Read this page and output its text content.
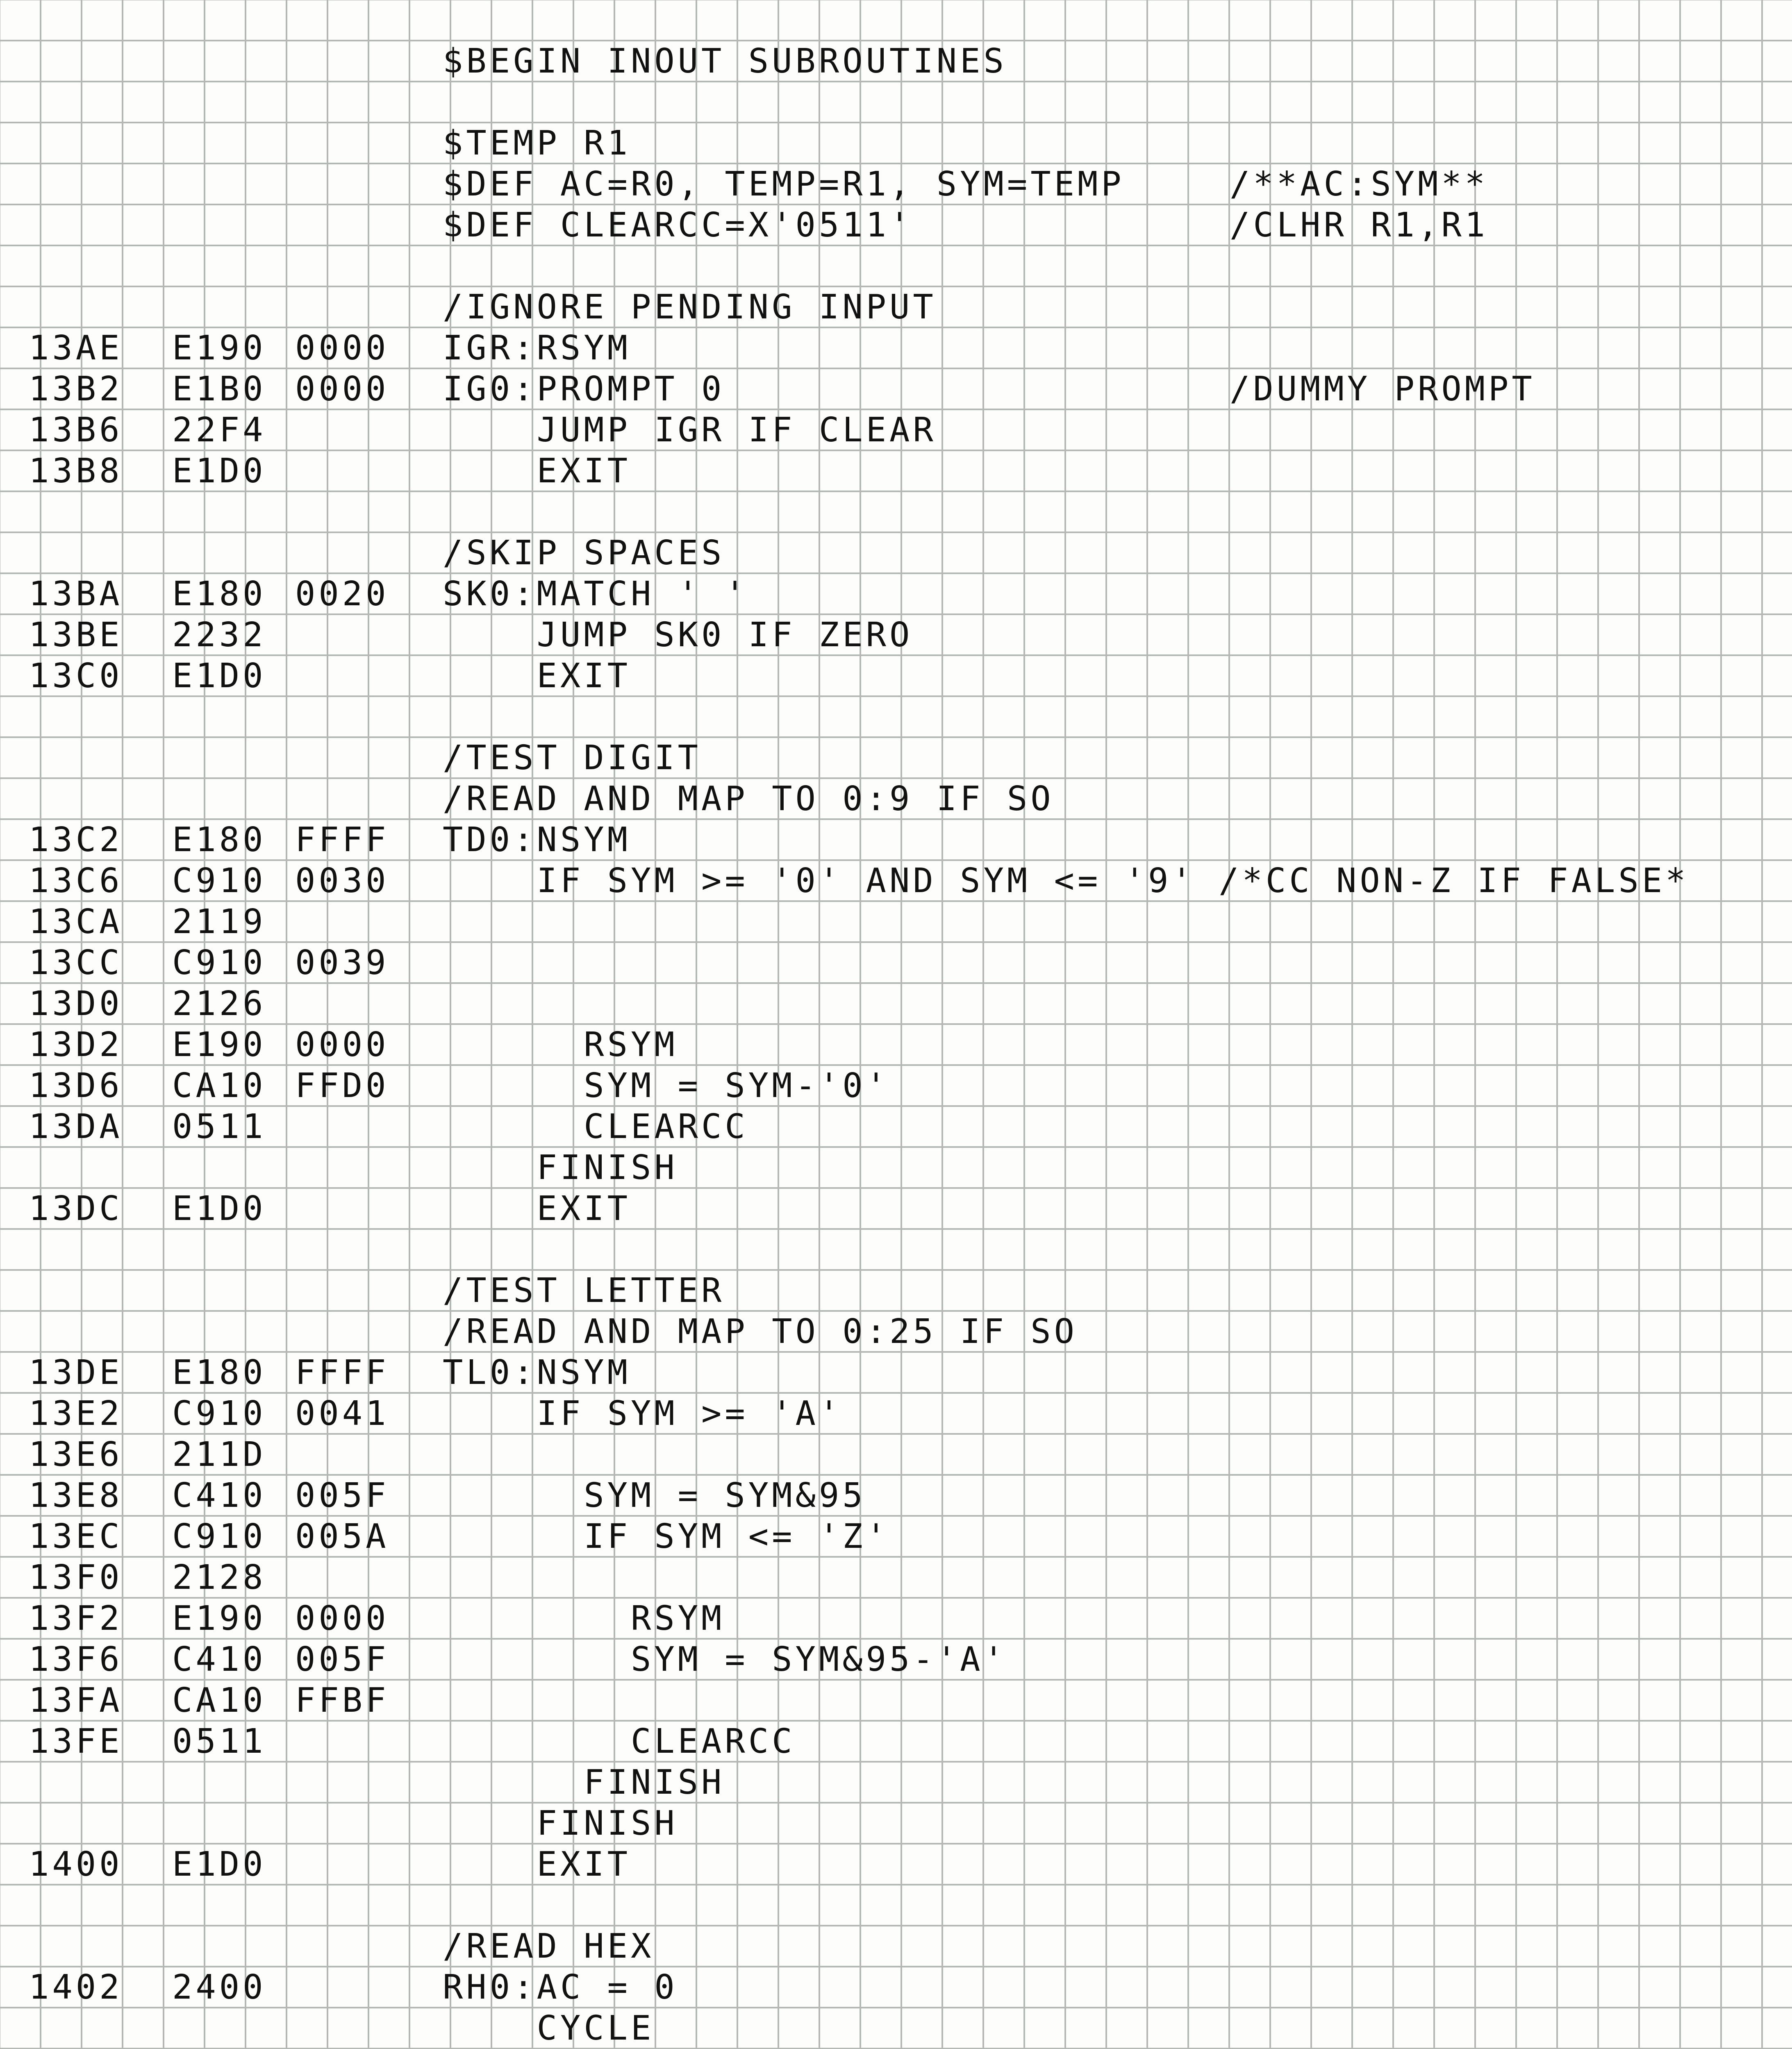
$BEGIN INOUT SUBROUTINES
$TEMP R1
$DEF AC=R0, TEMP=R1, SYM=TEMP	/**AC:SYM**
$DEF CLEARCC=X'0511'	/CLHR R1,R1
/IGNORE PENDING INPUT
13AE E190 0000 IGR:RSYM
13B2 E1B0 0000 IG0:PROMPT 0	/DUMMY PROMPT
13B6 22F4	JUMP IGR IF CLEAR
13B8 E1D0	EXIT
/SKIP SPACES
13BA E180 0020 SK0:MATCH ' '
13BE 2232	JUMP SK0 IF ZERO
13C0 E1D0	EXIT
/TEST DIGIT
/READ AND MAP TO 0:9 IF SO
13C2 E180 FFFF TD0:NSYM
13C6 C910 0030 IF SYM >= '0' AND SYM <= '9' /*CC NON-Z IF FALSE*
13CA 2119
13CC C910 0039
13D0 2126
13D2 E190 0000 RSYM
13D6 CA10 FFD0 SYM = SYM-'0'
13DA 0511	CLEARCC
FINISH
13DC E1D0	EXIT
/TEST LETTER
/READ AND MAP TO 0:25 IF SO
13DE E180 FFFF TL0:NSYM
13E2 C910 0041 IF SYM >= 'A'
13E6 211D
13E8 C410 005F SYM = SYM&95
13EC C910 005A IF SYM <= 'Z'
13F0 2128
13F2 E190 0000 RSYM
13F6 C410 005F SYM = SYM&95-'A'
13FA CA10 FFBF
13FE 0511	CLEARCC
FINISH
FINISH
1400 E1D0	EXIT
/READ HEX
1402 2400	RH0:AC = 0
CYCLE
